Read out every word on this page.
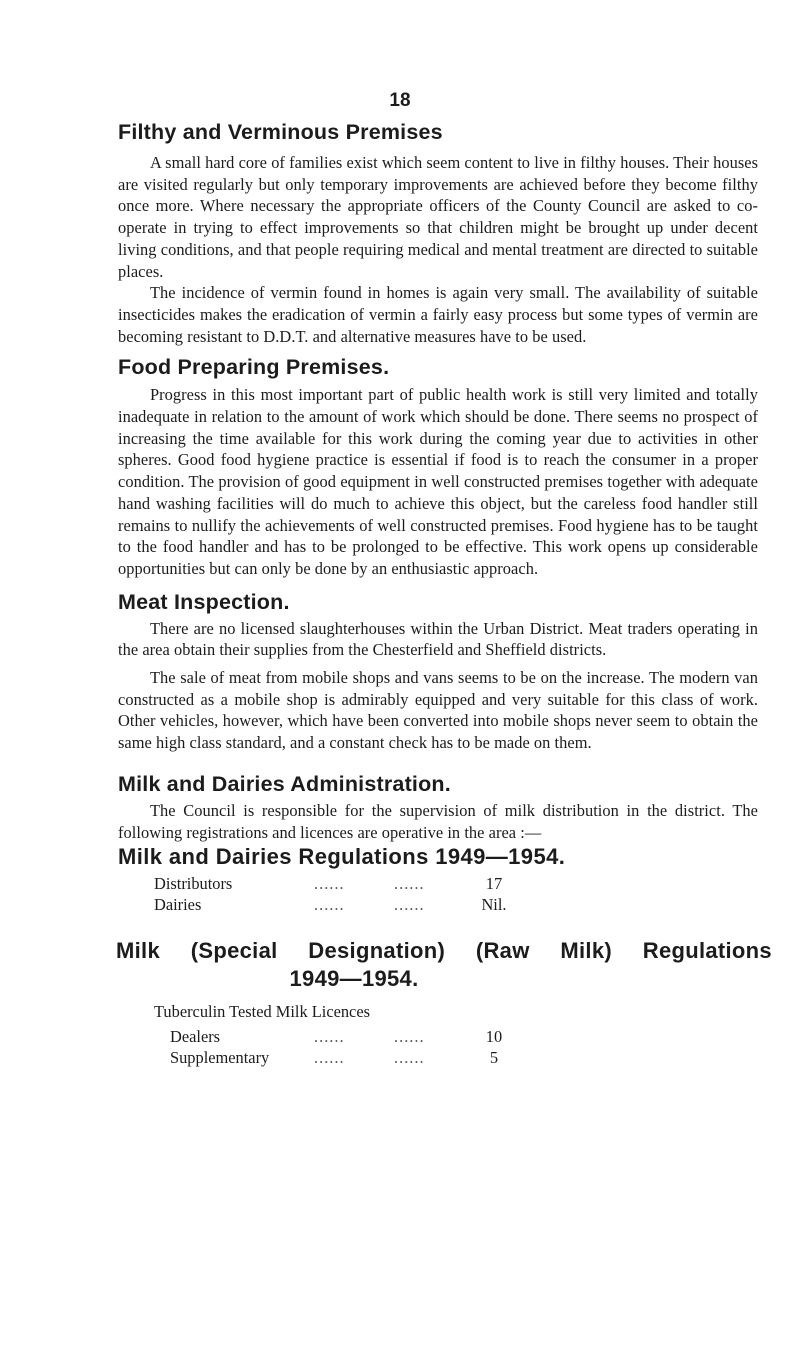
18
Filthy and Verminous Premises

A small hard core of families exist which seem content to live in filthy houses. Their houses are visited regularly but only temporary improvements are achieved before they become filthy once more. Where necessary the appropriate officers of the County Council are asked to co-operate in trying to effect improvements so that children might be brought up under decent living conditions, and that people requiring medical and mental treatment are directed to suitable places.

The incidence of vermin found in homes is again very small. The availability of suitable insecticides makes the eradication of vermin a fairly easy process but some types of vermin are becoming resistant to D.D.T. and alternative measures have to be used.

Food Preparing Premises.

Progress in this most important part of public health work is still very limited and totally inadequate in relation to the amount of work which should be done. There seems no prospect of increasing the time available for this work during the coming year due to activities in other spheres. Good food hygiene practice is essential if food is to reach the consumer in a proper condition. The provision of good equipment in well constructed premises together with adequate hand washing facilities will do much to achieve this object, but the careless food handler still remains to nullify the achievements of well constructed premises. Food hygiene has to be taught to the food handler and has to be prolonged to be effective. This work opens up considerable opportunities but can only be done by an enthusiastic approach.

Meat Inspection.

There are no licensed slaughterhouses within the Urban District. Meat traders operating in the area obtain their supplies from the Chesterfield and Sheffield districts.

The sale of meat from mobile shops and vans seems to be on the increase. The modern van constructed as a mobile shop is admirably equipped and very suitable for this class of work. Other vehicles, however, which have been converted into mobile shops never seem to obtain the same high class standard, and a constant check has to be made on them.

Milk and Dairies Administration.

The Council is responsible for the supervision of milk distribution in the district. The following registrations and licences are operative in the area :—

Milk and Dairies Regulations 1949—1954.
Distributors	......	......	17
Dairies	......	......	Nil.
Milk (Special Designation) (Raw Milk) Regulations
1949—1954.
Tuberculin Tested Milk Licences
Dealers	......	......	10
Supplementary	......	......	5
